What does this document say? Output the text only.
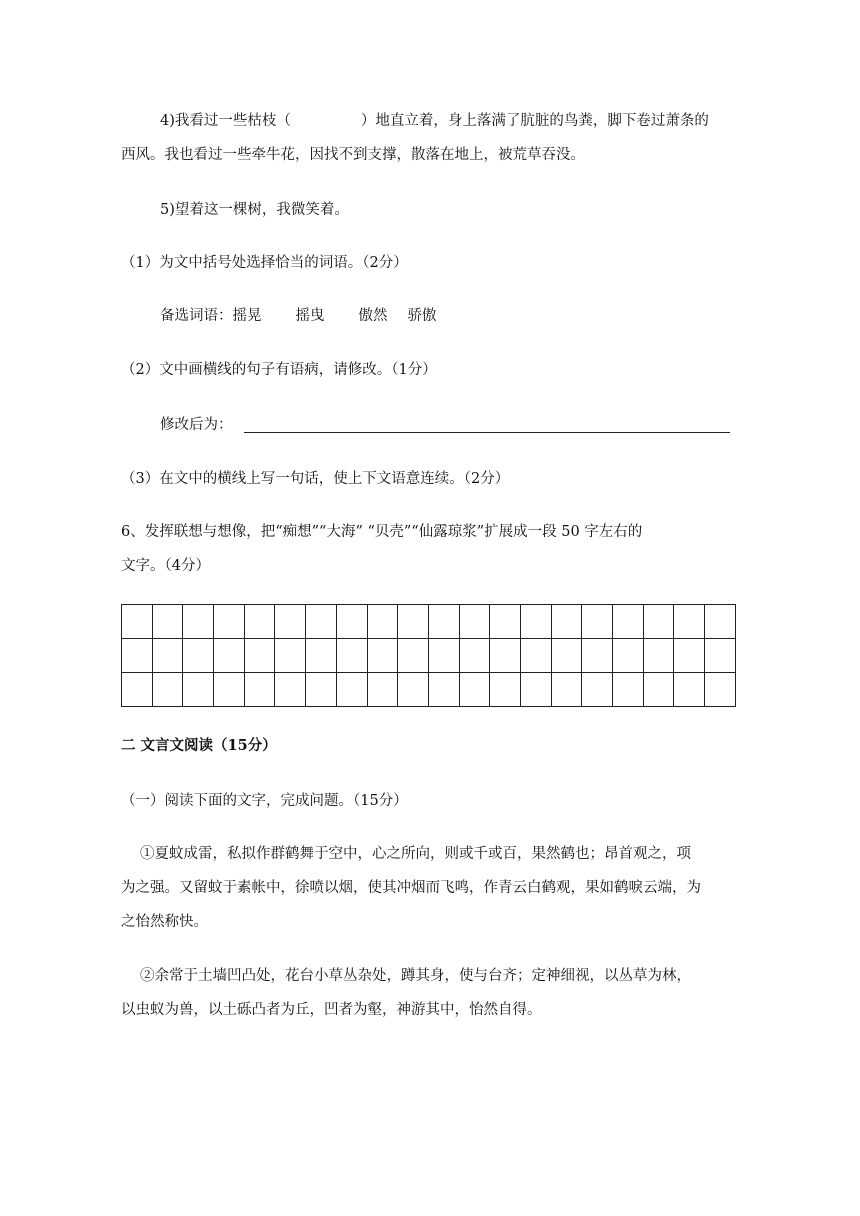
4)我看过一些枯枝（	）地直立着，身上落满了肮脏的鸟粪，脚下卷过萧条的
西风。我也看过一些牵牛花，因找不到支撑，散落在地上，被荒草吞没。
5)望着这一棵树，我微笑着。
（1）为文中括号处选择恰当的词语。（2分）
备选词语：摇晃 摇曳 傲然 骄傲
（2）文中画横线的句子有语病，请修改。（1分）
修改后为：
（3）在文中的横线上写一句话，使上下文语意连续。（2分）
6、发挥联想与想像，把“痴想”“大海” “贝壳”“仙露琼浆”扩展成一段 50 字左右的
文字。（4分）

二 文言文阅读（15分）
（一）阅读下面的文字，完成问题。（15分）
①夏蚊成雷，私拟作群鹤舞于空中，心之所向，则或千或百，果然鹤也；昂首观之，项
为之强。又留蚊于素帐中，徐喷以烟，使其冲烟而飞鸣，作青云白鹤观，果如鹤唳云端，为
之怡然称快。
②余常于土墙凹凸处，花台小草丛杂处，蹲其身，使与台齐；定神细视，以丛草为林，
以虫蚁为兽，以土砾凸者为丘，凹者为壑，神游其中，怡然自得。
